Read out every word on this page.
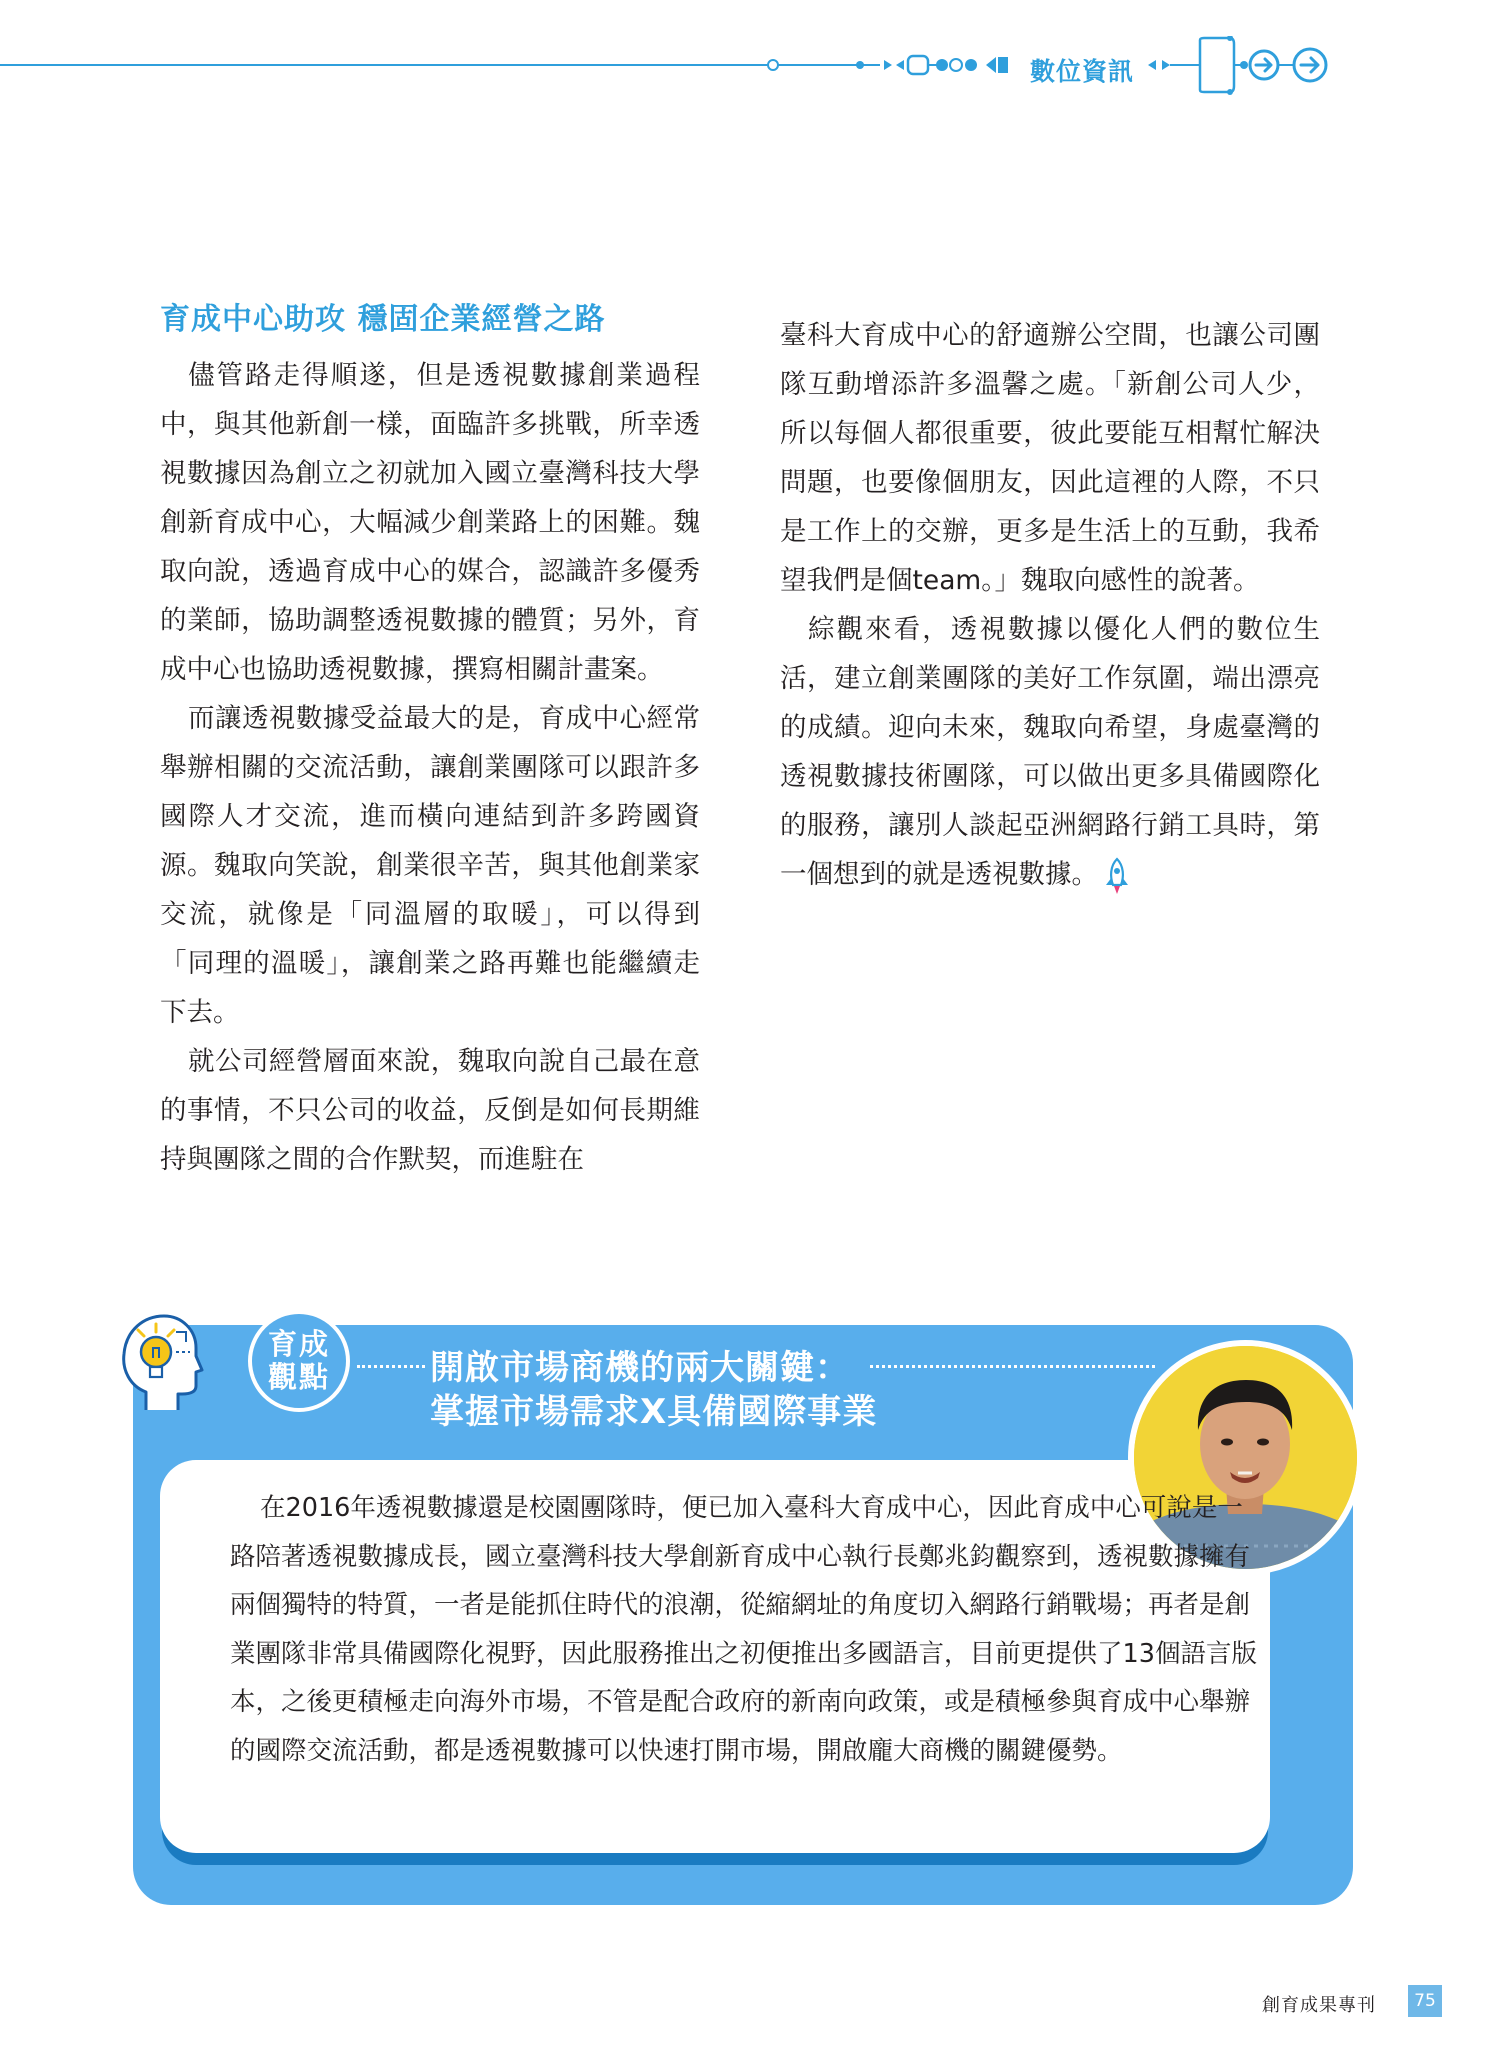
數位資訊
育成中心助攻 穩固企業經營之路

儘管路走得順遂，但是透視數據創業過程中，與其他新創一樣，面臨許多挑戰，所幸透視數據因為創立之初就加入國立臺灣科技大學創新育成中心，大幅減少創業路上的困難。魏取向說，透過育成中心的媒合，認識許多優秀的業師，協助調整透視數據的體質；另外，育成中心也協助透視數據，撰寫相關計畫案。

而讓透視數據受益最大的是，育成中心經常舉辦相關的交流活動，讓創業團隊可以跟許多國際人才交流，進而橫向連結到許多跨國資源。魏取向笑說，創業很辛苦，與其他創業家交流，就像是「同溫層的取暖」，可以得到「同理的溫暖」，讓創業之路再難也能繼續走下去。

就公司經營層面來說，魏取向說自己最在意的事情，不只公司的收益，反倒是如何長期維持與團隊之間的合作默契，而進駐在

臺科大育成中心的舒適辦公空間，也讓公司團隊互動增添許多溫馨之處。「新創公司人少，所以每個人都很重要，彼此要能互相幫忙解決問題，也要像個朋友，因此這裡的人際，不只是工作上的交辦，更多是生活上的互動，我希望我們是個team。」魏取向感性的說著。

綜觀來看，透視數據以優化人們的數位生活，建立創業團隊的美好工作氛圍，端出漂亮的成績。迎向未來，魏取向希望，身處臺灣的透視數據技術團隊，可以做出更多具備國際化的服務，讓別人談起亞洲網路行銷工具時，第一個想到的就是透視數據。

育成
觀點	開啟市場商機的兩大關鍵：
掌握市場需求X具備國際事業

在2016年透視數據還是校園團隊時，便已加入臺科大育成中心，因此育成中心可說是一路陪著透視數據成長，國立臺灣科技大學創新育成中心執行長鄭兆鈞觀察到，透視數據擁有兩個獨特的特質，一者是能抓住時代的浪潮，從縮網址的角度切入網路行銷戰場；再者是創業團隊非常具備國際化視野，因此服務推出之初便推出多國語言，目前更提供了13個語言版本，之後更積極走向海外市場，不管是配合政府的新南向政策，或是積極參與育成中心舉辦的國際交流活動，都是透視數據可以快速打開市場，開啟龐大商機的關鍵優勢。

創育成果專刊	75
